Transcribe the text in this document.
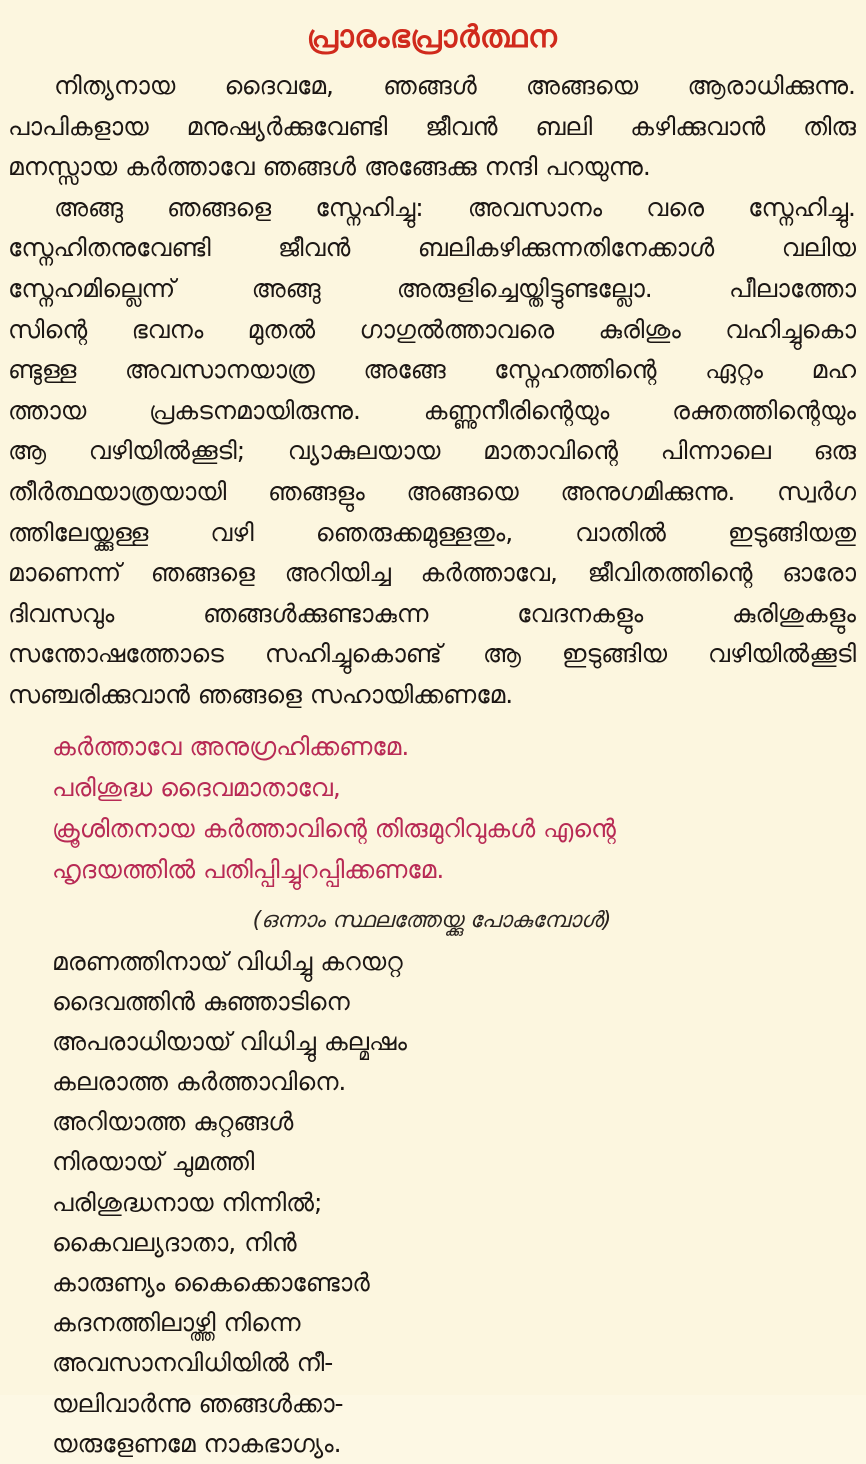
പ്രാരംഭപ്രാർത്ഥന
നിത്യനായ ദൈവമേ, ഞങ്ങൾ അങ്ങയെ ആരാധിക്കുന്നു.
പാപികളായ മനുഷ്യർക്കുവേണ്ടി ജീവൻ ബലി കഴിക്കുവാൻ തിരു
മനസ്സായ കർത്താവേ ഞങ്ങൾ അങ്ങേക്കു നന്ദി പറയുന്നു.
അങ്ങു ഞങ്ങളെ സ്നേഹിച്ചു: അവസാനം വരെ സ്നേഹിച്ചു.
സ്നേഹിതനുവേണ്ടി ജീവൻ ബലികഴിക്കുന്നതിനേക്കാൾ വലിയ
സ്നേഹമില്ലെന്ന് അങ്ങു അരുളിച്ചെയ്തിട്ടുണ്ടല്ലോ. പീലാത്തോ
സിന്റെ ഭവനം മുതൽ ഗാഗുൽത്താവരെ കുരിശും വഹിച്ചുകൊ
ണ്ടുള്ള അവസാനയാത്ര അങ്ങേ സ്നേഹത്തിന്റെ ഏറ്റം മഹ
ത്തായ പ്രകടനമായിരുന്നു. കണ്ണുനീരിന്റെയും രക്തത്തിന്റെയും
ആ വഴിയിൽക്കൂടി; വ്യാകുലയായ മാതാവിന്റെ പിന്നാലെ ഒരു
തീർത്ഥയാത്രയായി ഞങ്ങളും അങ്ങയെ അനുഗമിക്കുന്നു. സ്വർഗ
ത്തിലേയ്ക്കുള്ള വഴി ഞെരുക്കമുള്ളതും, വാതിൽ ഇടുങ്ങിയതു
മാണെന്ന് ഞങ്ങളെ അറിയിച്ച കർത്താവേ, ജീവിതത്തിന്റെ ഓരോ
ദിവസവും ഞങ്ങൾക്കുണ്ടാകുന്ന വേദനകളും കുരിശുകളും
സന്തോഷത്തോടെ സഹിച്ചുകൊണ്ട് ആ ഇടുങ്ങിയ വഴിയിൽക്കൂടി
സഞ്ചരിക്കുവാൻ ഞങ്ങളെ സഹായിക്കണമേ.
കർത്താവേ അനുഗ്രഹിക്കണമേ.
പരിശുദ്ധ ദൈവമാതാവേ,
ക്രൂശിതനായ കർത്താവിന്റെ തിരുമുറിവുകൾ എന്റെ
ഹൃദയത്തിൽ പതിപ്പിച്ചുറപ്പിക്കണമേ.
(ഒന്നാം സ്ഥലത്തേയ്ക്കു പോകുമ്പോൾ)
മരണത്തിനായ് വിധിച്ചു കറയറ്റ
ദൈവത്തിൻ കുഞ്ഞാടിനെ
അപരാധിയായ് വിധിച്ചു കല്മഷം
കലരാത്ത കർത്താവിനെ.
അറിയാത്ത കുറ്റങ്ങൾ
നിരയായ് ചുമത്തി
പരിശുദ്ധനായ നിന്നിൽ;
കൈവല്യദാതാ, നിൻ
കാരുണ്യം കൈക്കൊണ്ടോർ
കദനത്തിലാഴ്ത്തി നിന്നെ
അവസാനവിധിയിൽ നീ-
യലിവാർന്നു ഞങ്ങൾക്കാ-
യരുളേണമേ നാകഭാഗ്യം.
